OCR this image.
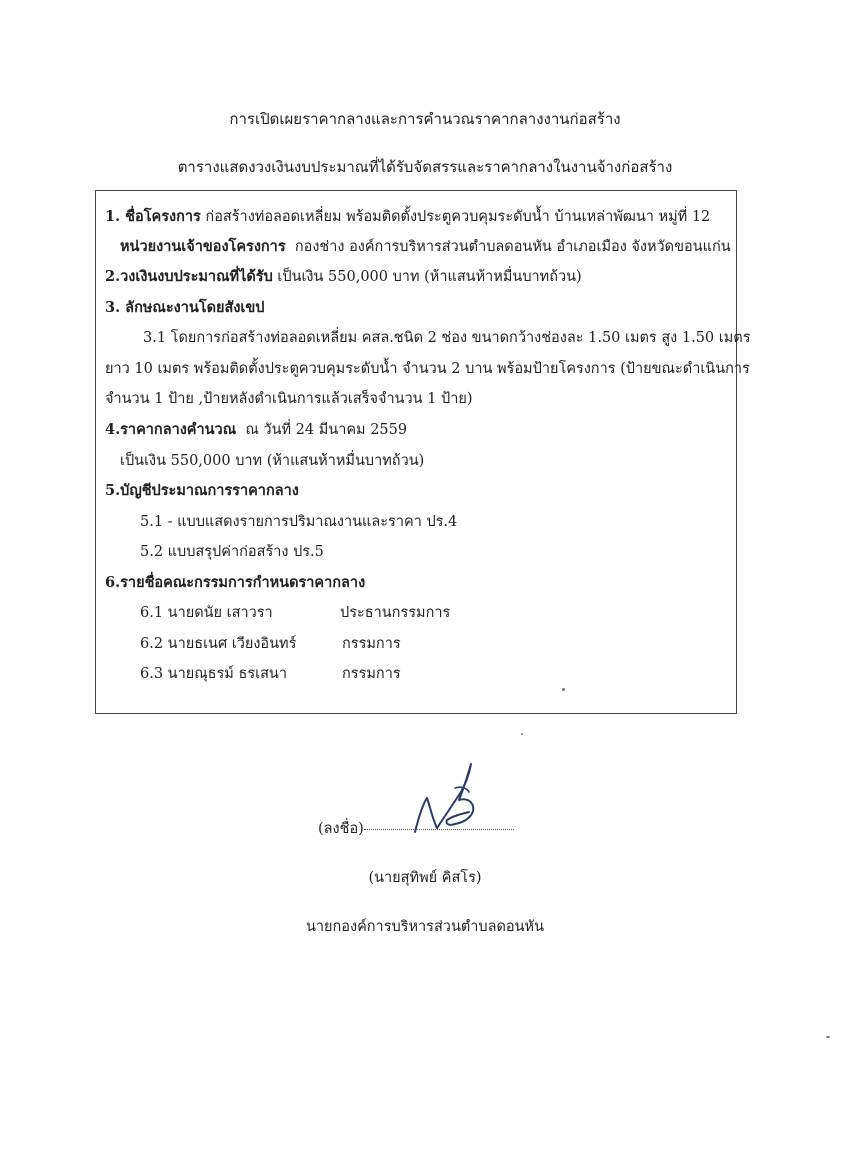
การเปิดเผยราคากลางและการคำนวณราคากลางงานก่อสร้าง
ตารางแสดงวงเงินงบประมาณที่ได้รับจัดสรรและราคากลางในงานจ้างก่อสร้าง
1. ชื่อโครงการ ก่อสร้างท่อลอดเหลี่ยม พร้อมติดตั้งประตูควบคุมระดับน้ำ บ้านเหล่าพัฒนา หมู่ที่ 12
หน่วยงานเจ้าของโครงการ กองช่าง องค์การบริหารส่วนตำบลดอนหัน อำเภอเมือง จังหวัดขอนแก่น
2.วงเงินงบประมาณที่ได้รับ เป็นเงิน 550,000 บาท (ห้าแสนห้าหมื่นบาทถ้วน)
3. ลักษณะงานโดยสังเขป
3.1 โดยการก่อสร้างท่อลอดเหลี่ยม คสล.ชนิด 2 ช่อง ขนาดกว้างช่องละ 1.50 เมตร สูง 1.50 เมตร
ยาว 10 เมตร พร้อมติดตั้งประตูควบคุมระดับน้ำ จำนวน 2 บาน พร้อมป้ายโครงการ (ป้ายขณะดำเนินการ
จำนวน 1 ป้าย ,ป้ายหลังดำเนินการแล้วเสร็จจำนวน 1 ป้าย)
4.ราคากลางคำนวณ ณ วันที่ 24 มีนาคม 2559
เป็นเงิน 550,000 บาท (ห้าแสนห้าหมื่นบาทถ้วน)
5.บัญชีประมาณการราคากลาง
5.1 - แบบแสดงรายการปริมาณงานและราคา ปร.4
5.2 แบบสรุปค่าก่อสร้าง ปร.5
6.รายชื่อคณะกรรมการกำหนดราคากลาง
6.1 นายดนัย เสาวรา	ประธานกรรมการ
6.2 นายธเนศ เวียงอินทร์	กรรมการ
6.3 นายณุธรม์ ธรเสนา	กรรมการ
(ลงชื่อ)
(นายสุทิพย์ คิสโร)
นายกองค์การบริหารส่วนตำบลดอนหัน
